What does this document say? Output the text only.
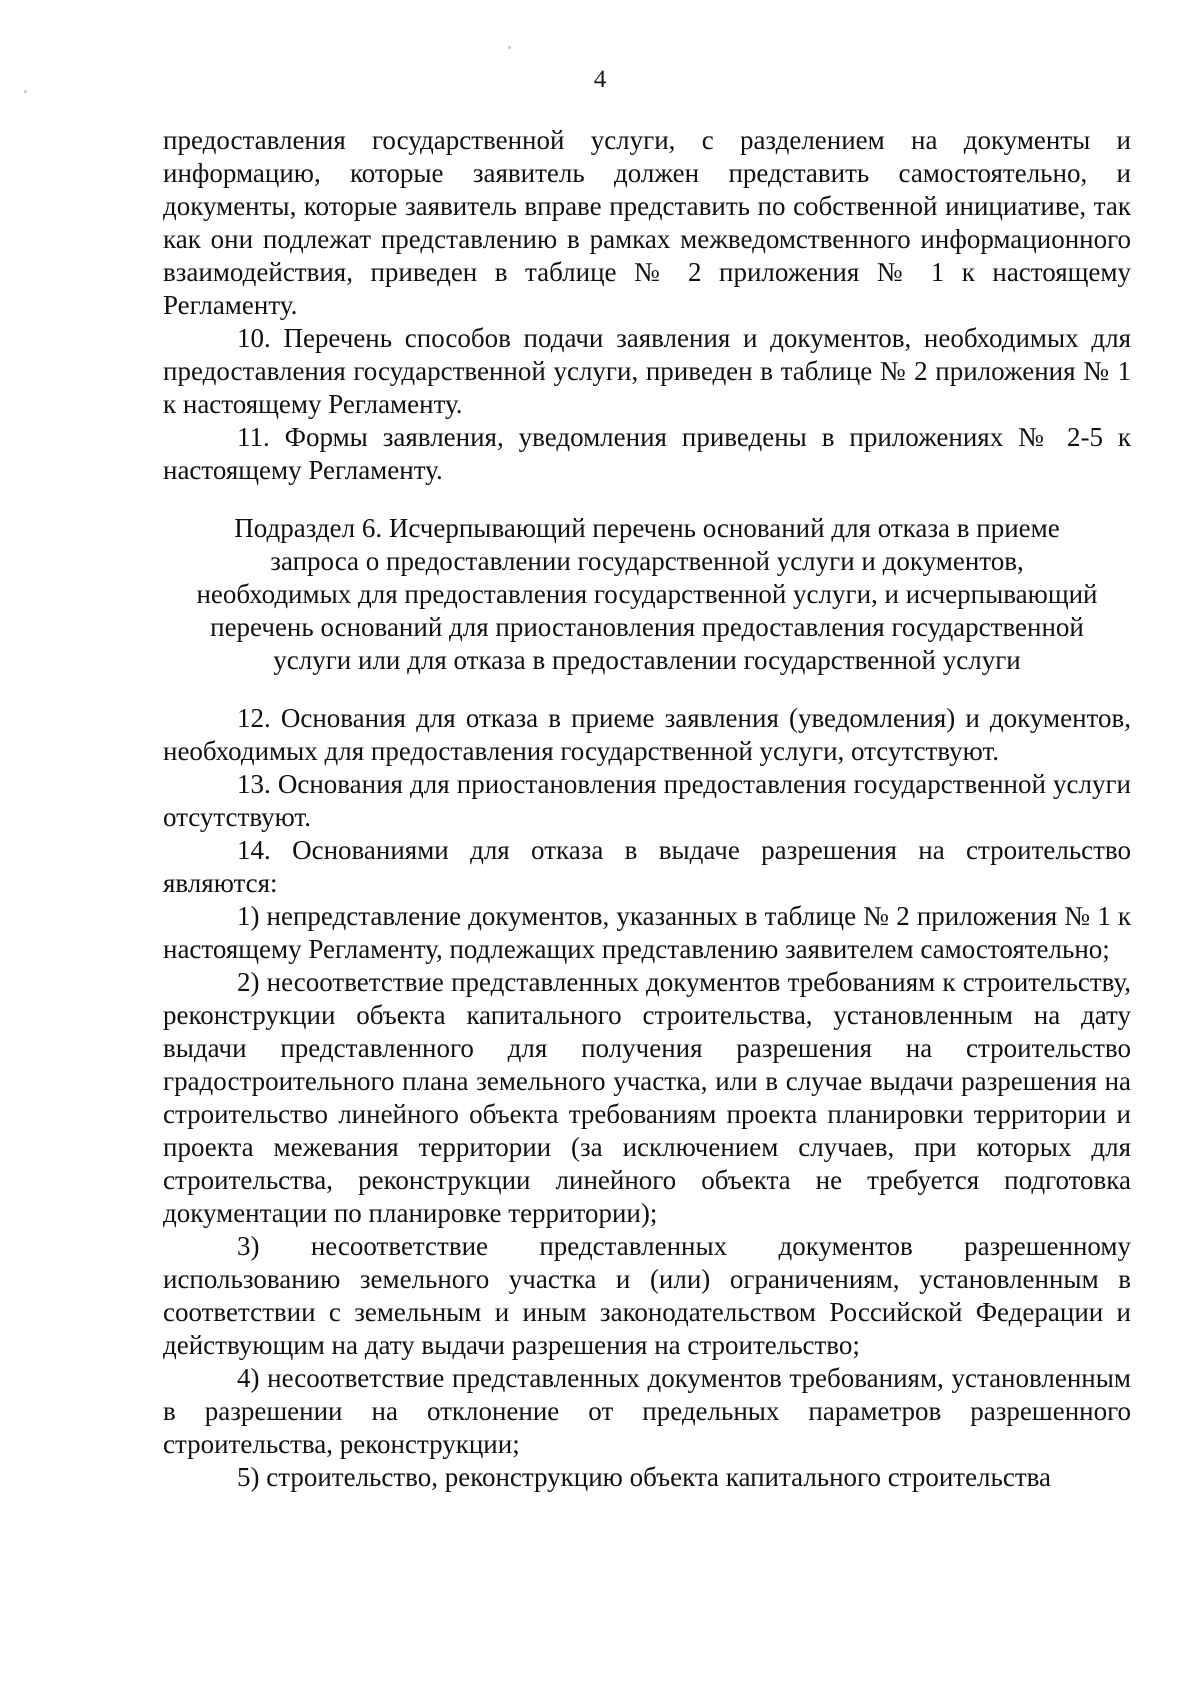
4

предоставления государственной услуги, с разделением на документы и информацию, которые заявитель должен представить самостоятельно, и документы, которые заявитель вправе представить по собственной инициативе, так как они подлежат представлению в рамках межведомственного информационного взаимодействия, приведен в таблице № 2 приложения № 1 к настоящему Регламенту.

10. Перечень способов подачи заявления и документов, необходимых для предоставления государственной услуги, приведен в таблице № 2 приложения № 1 к настоящему Регламенту.

11. Формы заявления, уведомления приведены в приложениях № 2-5 к настоящему Регламенту.

Подраздел 6. Исчерпывающий перечень оснований для отказа в приеме
запроса о предоставлении государственной услуги и документов,
необходимых для предоставления государственной услуги, и исчерпывающий
перечень оснований для приостановления предоставления государственной
услуги или для отказа в предоставлении государственной услуги

12. Основания для отказа в приеме заявления (уведомления) и документов, необходимых для предоставления государственной услуги, отсутствуют.

13. Основания для приостановления предоставления государственной услуги отсутствуют.

14. Основаниями для отказа в выдаче разрешения на строительство являются:

1) непредставление документов, указанных в таблице № 2 приложения № 1 к настоящему Регламенту, подлежащих представлению заявителем самостоятельно;

2) несоответствие представленных документов требованиям к строительству, реконструкции объекта капитального строительства, установленным на дату выдачи представленного для получения разрешения на строительство градостроительного плана земельного участка, или в случае выдачи разрешения на строительство линейного объекта требованиям проекта планировки территории и проекта межевания территории (за исключением случаев, при которых для строительства, реконструкции линейного объекта не требуется подготовка документации по планировке территории);

3) несоответствие представленных документов разрешенному использованию земельного участка и (или) ограничениям, установленным в соответствии с земельным и иным законодательством Российской Федерации и действующим на дату выдачи разрешения на строительство;

4) несоответствие представленных документов требованиям, установленным в разрешении на отклонение от предельных параметров разрешенного строительства, реконструкции;

5) строительство, реконструкцию объекта капитального строительства
